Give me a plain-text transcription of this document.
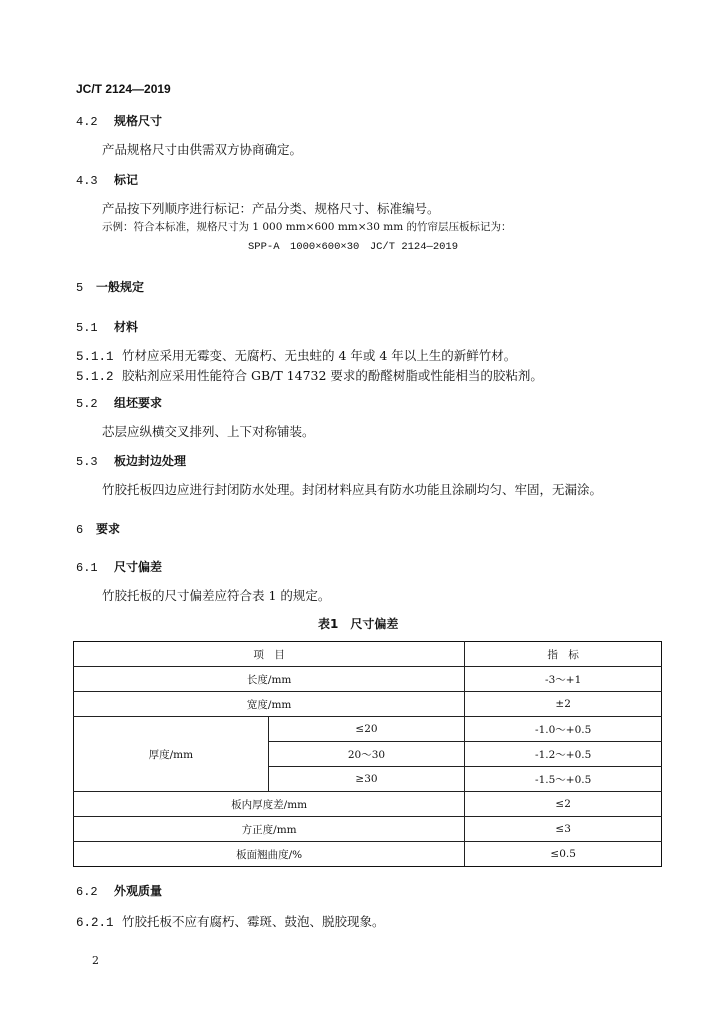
JC/T 2124—2019
4.2 规格尺寸
产品规格尺寸由供需双方协商确定。
4.3 标记
产品按下列顺序进行标记：产品分类、规格尺寸、标准编号。
示例：符合本标准，规格尺寸为 1 000 mm×600 mm×30 mm 的竹帘层压板标记为：
SPP-A　1000×600×30　JC/T 2124—2019
5 一般规定
5.1 材料
5.1.1 竹材应采用无霉变、无腐朽、无虫蛀的 4 年或 4 年以上生的新鲜竹材。
5.1.2 胶粘剂应采用性能符合 GB/T 14732 要求的酚醛树脂或性能相当的胶粘剂。
5.2 组坯要求
芯层应纵横交叉排列、上下对称铺装。
5.3 板边封边处理
竹胶托板四边应进行封闭防水处理。封闭材料应具有防水功能且涂刷均匀、牢固，无漏涂。
6 要求
6.1 尺寸偏差
竹胶托板的尺寸偏差应符合表 1 的规定。
表1　尺寸偏差
项　目		指　标
长度/mm		-3～+1
宽度/mm		±2
厚度/mm	≤20	-1.0～+0.5
	20～30	-1.2～+0.5
	≥30	-1.5～+0.5
板内厚度差/mm		≤2
方正度/mm		≤3
板面翘曲度/%		≤0.5
6.2 外观质量
6.2.1 竹胶托板不应有腐朽、霉斑、鼓泡、脱胶现象。
2
